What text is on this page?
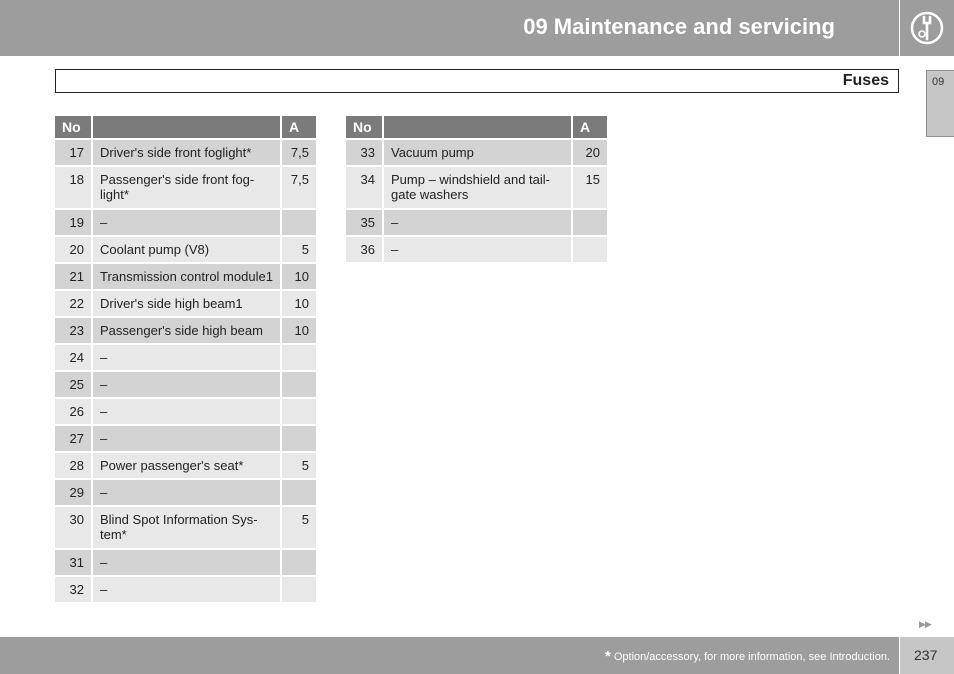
09 Maintenance and servicing
Fuses	09
No		A
17	Driver's side front foglight*	7,5
18	Passenger's side front fog-
light*	7,5
19	–	
20	Coolant pump (V8)	5
21	Transmission control module1	10
22	Driver's side high beam1	10
23	Passenger's side high beam	10
24	–	
25	–	
26	–	
27	–	
28	Power passenger's seat*	5
29	–	
30	Blind Spot Information Sys-
tem*	5
31	–	
32	–	
No		A
33	Vacuum pump	20
34	Pump – windshield and tail-
gate washers	15
35	–	
36	–	
▶▶
* Option/accessory, for more information, see Introduction. 237
